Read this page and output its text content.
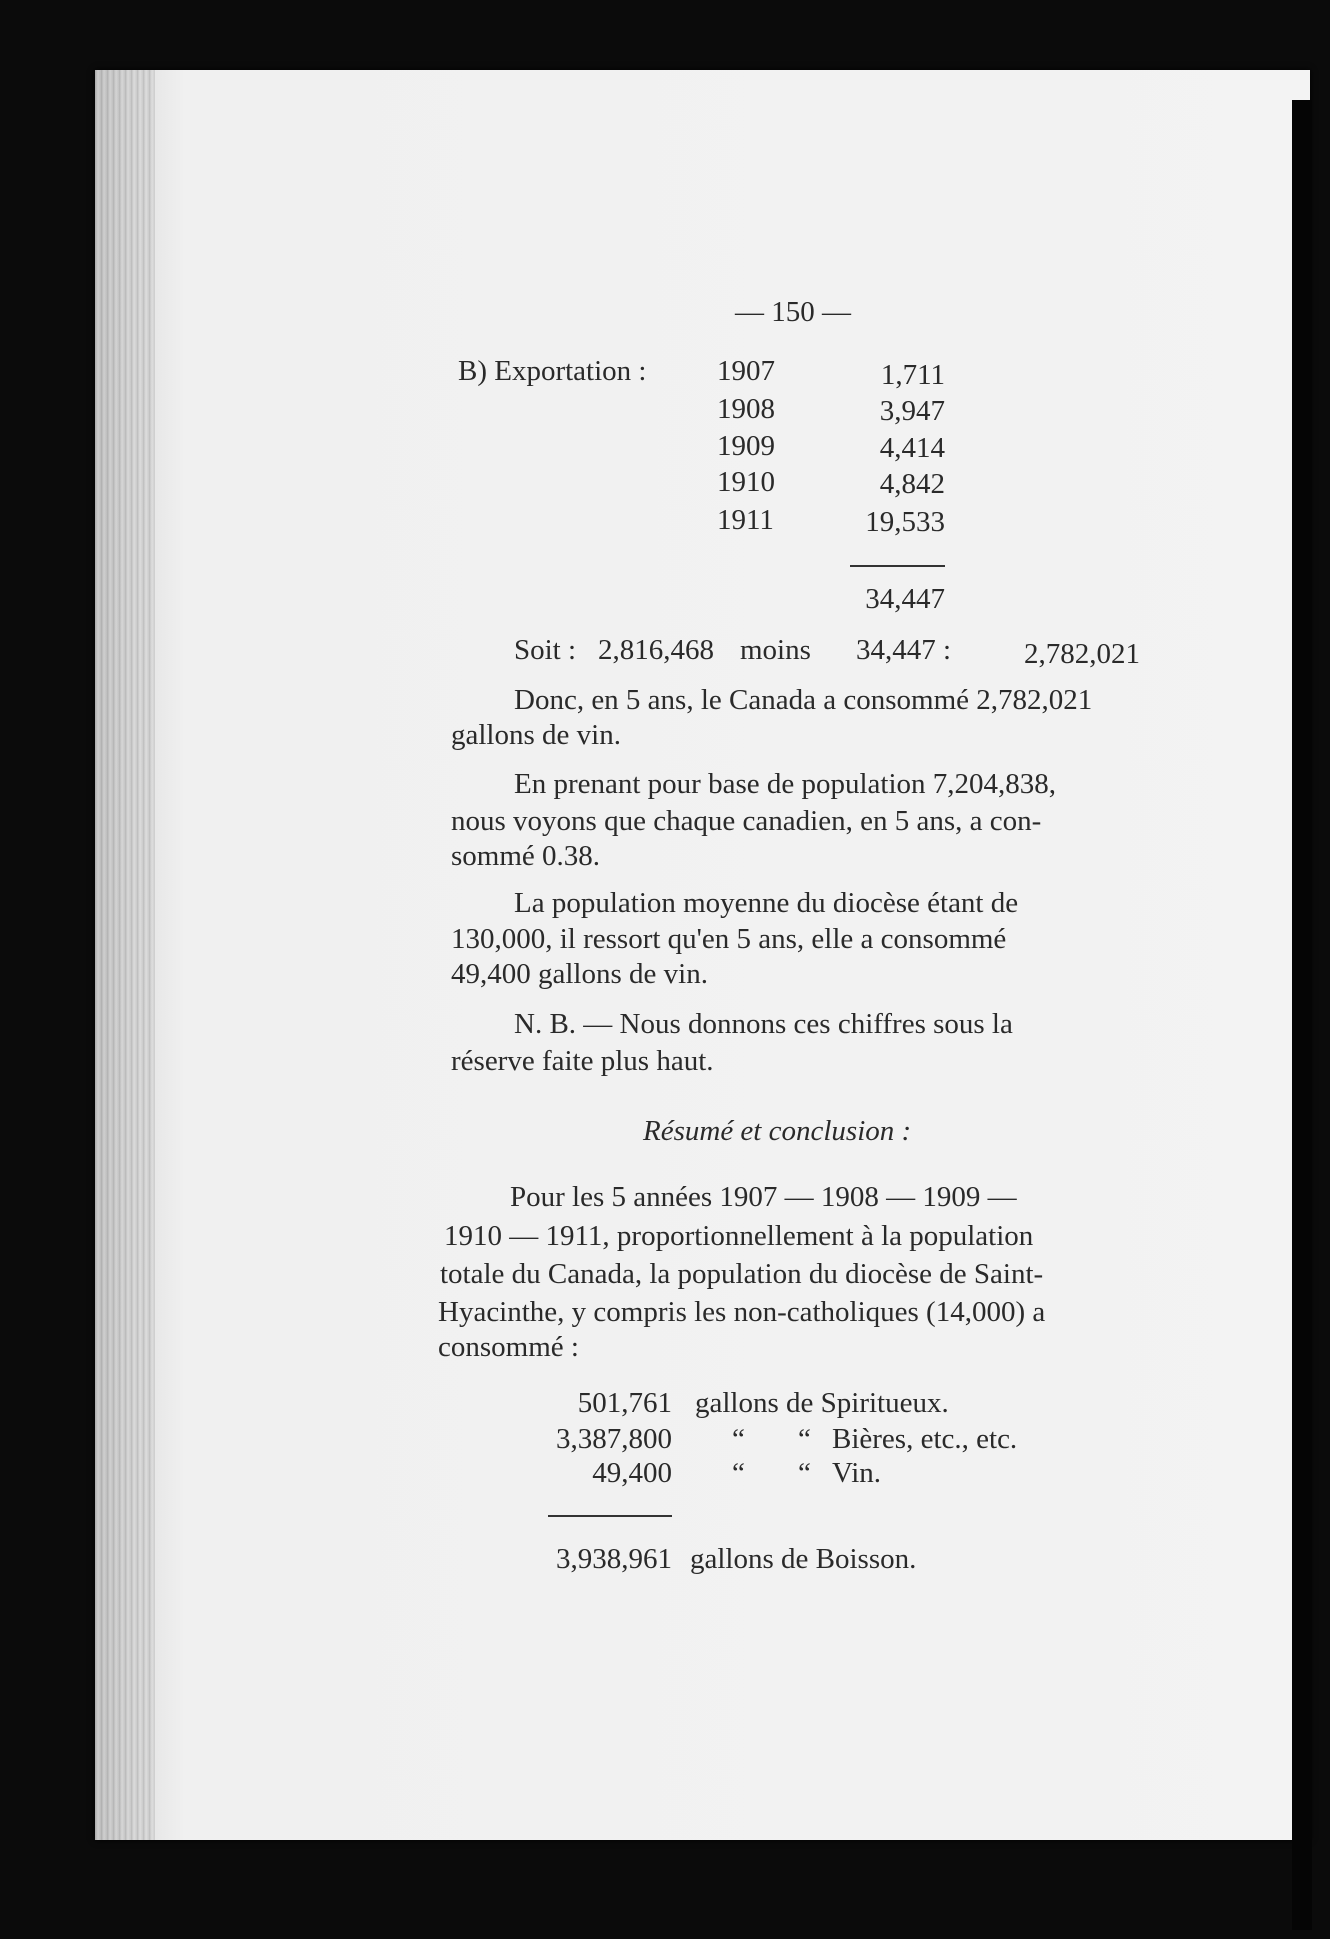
— 150 —
B) Exportation : 1907	1,711
1908	3,947
1909	4,414
1910	4,842
1911	19,533
34,447
Soit : 2,816,468 moins 34,447 :	2,782,021
Donc, en 5 ans, le Canada a consommé 2,782,021
gallons de vin.
En prenant pour base de population 7,204,838,
nous voyons que chaque canadien, en 5 ans, a con-
sommé 0.38.
La population moyenne du diocèse étant de
130,000, il ressort qu'en 5 ans, elle a consommé
49,400 gallons de vin.
N. B. — Nous donnons ces chiffres sous la
réserve faite plus haut.
Résumé et conclusion :
Pour les 5 années 1907 — 1908 — 1909 —
1910 — 1911, proportionnellement à la population
totale du Canada, la population du diocèse de Saint-
Hyacinthe, y compris les non-catholiques (14,000) a
consommé :
501,761 gallons de Spiritueux.
3,387,800 “ “ Bières, etc., etc.
49,400 “ “ Vin.
3,938,961 gallons de Boisson.
